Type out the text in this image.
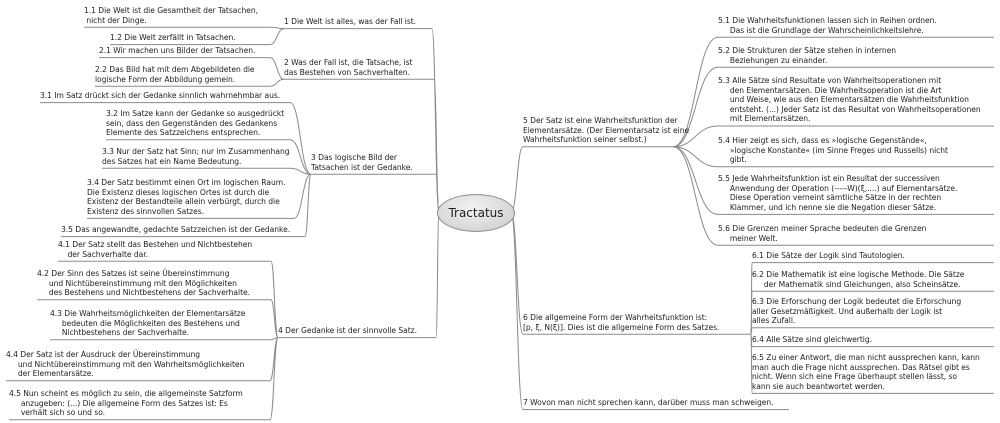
Tractatus
1 Die Welt ist alles, was der Fall ist.
1.1 Die Welt ist die Gesamtheit der Tatsachen,
nicht der Dinge.
1.2 Die Welt zerfällt in Tatsachen.
2 Was der Fall ist, die Tatsache, ist
das Bestehen von Sachverhalten.
2.1 Wir machen uns Bilder der Tatsachen.
2.2 Das Bild hat mit dem Abgebildeten die
logische Form der Abbildung gemein.
3 Das logische Bild der
Tatsachen ist der Gedanke.
3.1 Im Satz drückt sich der Gedanke sinnlich wahrnehmbar aus.
3.2 Im Satze kann der Gedanke so ausgedrückt
sein, dass den Gegenständen des Gedankens
Elemente des Satzzeichens entsprechen.
3.3 Nur der Satz hat Sinn; nur im Zusammenhang
des Satzes hat ein Name Bedeutung.
3.4 Der Satz bestimmt einen Ort im logischen Raum.
Die Existenz dieses logischen Ortes ist durch die
Existenz der Bestandteile allein verbürgt, durch die
Existenz des sinnvollen Satzes.
3.5 Das angewandte, gedachte Satzzeichen ist der Gedanke.
4 Der Gedanke ist der sinnvolle Satz.
4.1 Der Satz stellt das Bestehen und Nichtbestehen
der Sachverhalte dar.
4.2 Der Sinn des Satzes ist seine Übereinstimmung
und Nichtübereinstimmung mit den Möglichkeiten
des Bestehens und Nichtbestehens der Sachverhalte.
4.3 Die Wahrheitsmöglichkeiten der Elementarsätze
bedeuten die Möglichkeiten des Bestehens und
Nichtbestehens der Sachverhalte.
4.4 Der Satz ist der Ausdruck der Übereinstimmung
und Nichtübereinstimmung mit den Wahrheitsmöglichkeiten
der Elementarsätze.
4.5 Nun scheint es möglich zu sein, die allgemeinste Satzform
anzugeben: (...) Die allgemeine Form des Satzes ist: Es
verhält sich so und so.
5 Der Satz ist eine Wahrheitsfunktion der
Elementarsätze. (Der Elementarsatz ist eine
Wahrheitsfunktion seiner selbst.)
5.1 Die Wahrheitsfunktionen lassen sich in Reihen ordnen.
Das ist die Grundlage der Wahrscheinlichkeitslehre.
5.2 Die Strukturen der Sätze stehen in internen
Beziehungen zu einander.
5.3 Alle Sätze sind Resultate von Wahrheitsoperationen mit
den Elementarsätzen. Die Wahrheitsoperation ist die Art
und Weise, wie aus den Elementarsätzen die Wahrheitsfunktion
entsteht. (...) Jeder Satz ist das Resultat von Wahrheitsoperationen
mit Elementarsätzen.
5.4 Hier zeigt es sich, dass es »logische Gegenstände«,
»logische Konstante« (im Sinne Freges und Russells) nicht
gibt.
5.5 Jede Wahrheitsfunktion ist ein Resultat der successiven
Anwendung der Operation (-----W)(ξ,....) auf Elementarsätze.
Diese Operation verneint sämtliche Sätze in der rechten
Klammer, und ich nenne sie die Negation dieser Sätze.
5.6 Die Grenzen meiner Sprache bedeuten die Grenzen
meiner Welt.
6 Die allgemeine Form der Wahrheitsfunktion ist:
[p, ξ, N(ξ)]. Dies ist die allgemeine Form des Satzes.
6.1 Die Sätze der Logik sind Tautologien.
6.2 Die Mathematik ist eine logische Methode. Die Sätze
der Mathematik sind Gleichungen, also Scheinsätze.
6.3 Die Erforschung der Logik bedeutet die Erforschung
aller Gesetzmäßigkeit. Und außerhalb der Logik ist
alles Zufall.
6.4 Alle Sätze sind gleichwertig.
6.5 Zu einer Antwort, die man nicht aussprechen kann, kann
man auch die Frage nicht aussprechen. Das Rätsel gibt es
nicht. Wenn sich eine Frage überhaupt stellen lässt, so
kann sie auch beantwortet werden.
7 Wovon man nicht sprechen kann, darüber muss man schweigen.
